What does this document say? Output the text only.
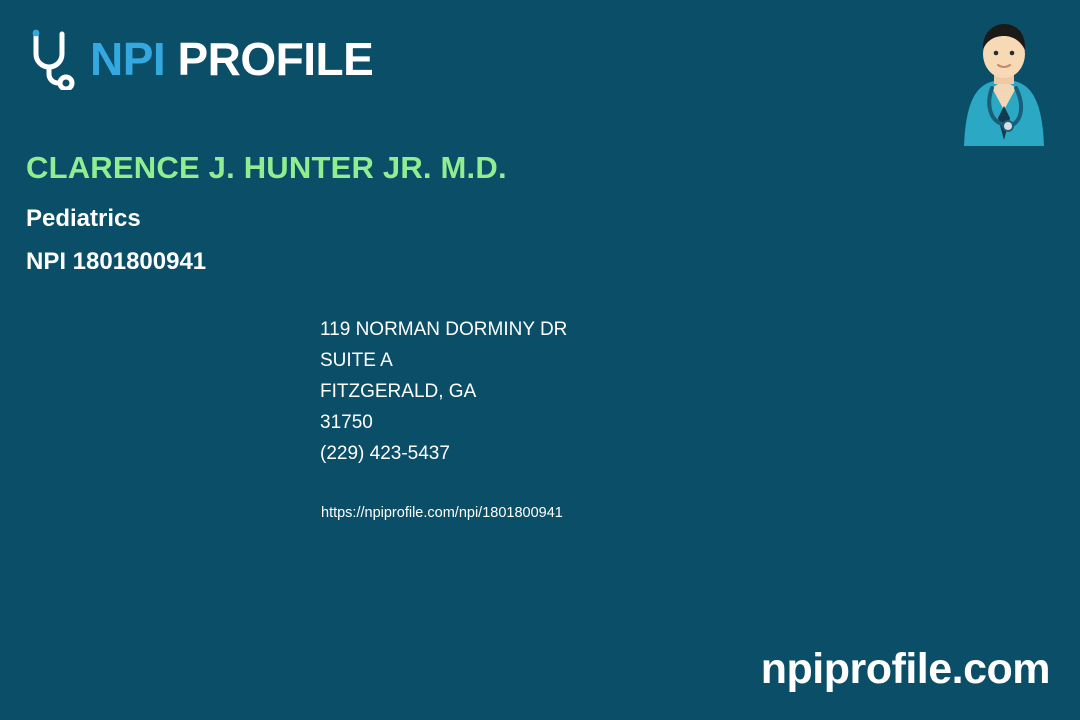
NPI PROFILE
CLARENCE J. HUNTER JR. M.D.
Pediatrics
NPI 1801800941
119 NORMAN DORMINY DR
SUITE A
FITZGERALD, GA
31750
(229) 423-5437
https://npiprofile.com/npi/1801800941
npiprofile.com
